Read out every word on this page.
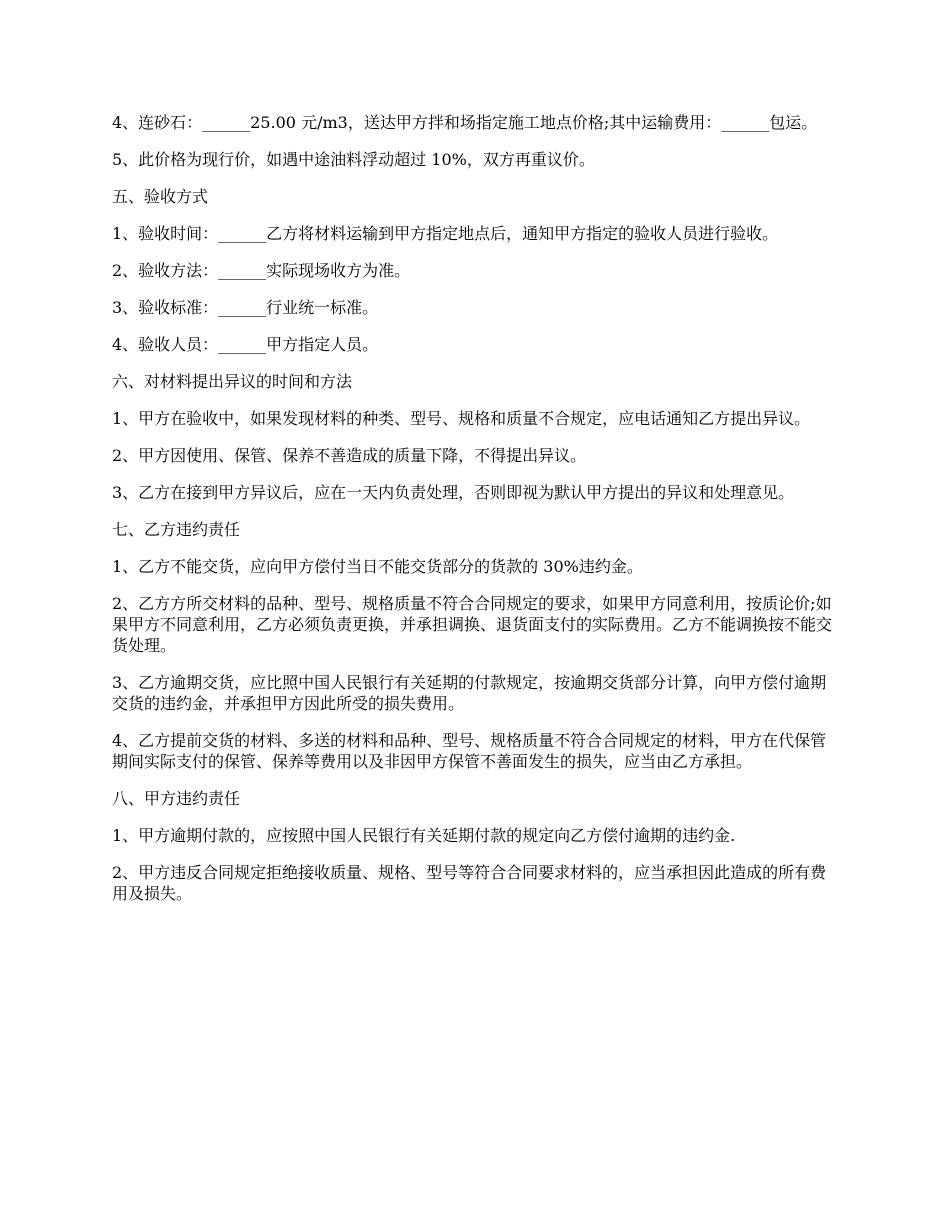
4、连砂石：______25.00 元/m3，送达甲方拌和场指定施工地点价格;其中运输费用：______包运。

5、此价格为现行价，如遇中途油料浮动超过 10%，双方再重议价。

五、验收方式

1、验收时间：______乙方将材料运输到甲方指定地点后，通知甲方指定的验收人员进行验收。

2、验收方法：______实际现场收方为准。

3、验收标准：______行业统一标准。

4、验收人员：______甲方指定人员。

六、对材料提出异议的时间和方法

1、甲方在验收中，如果发现材料的种类、型号、规格和质量不合规定，应电话通知乙方提出异议。

2、甲方因使用、保管、保养不善造成的质量下降，不得提出异议。

3、乙方在接到甲方异议后，应在一天内负责处理，否则即视为默认甲方提出的异议和处理意见。

七、乙方违约责任

1、乙方不能交货，应向甲方偿付当日不能交货部分的货款的 30%违约金。

2、乙方方所交材料的品种、型号、规格质量不符合合同规定的要求，如果甲方同意利用，按质论价;如果甲方不同意利用，乙方必须负责更换，并承担调换、退货面支付的实际费用。乙方不能调换按不能交货处理。

3、乙方逾期交货，应比照中国人民银行有关延期的付款规定，按逾期交货部分计算，向甲方偿付逾期交货的违约金，并承担甲方因此所受的损失费用。

4、乙方提前交货的材料、多送的材料和品种、型号、规格质量不符合合同规定的材料，甲方在代保管期间实际支付的保管、保养等费用以及非因甲方保管不善面发生的损失，应当由乙方承担。

八、甲方违约责任

1、甲方逾期付款的，应按照中国人民银行有关延期付款的规定向乙方偿付逾期的违约金.

2、甲方违反合同规定拒绝接收质量、规格、型号等符合合同要求材料的，应当承担因此造成的所有费用及损失。
